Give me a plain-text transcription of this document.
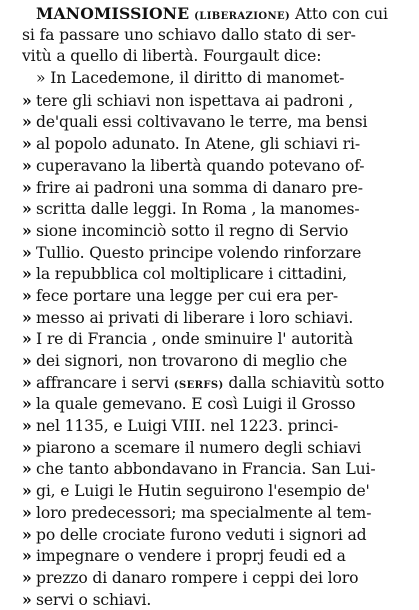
MANOMISSIONE (LIBERAZIONE) Atto con cui
si fa passare uno schiavo dallo stato di ser-
vitù a quello di libertà. Fourgault dice:
» In Lacedemone, il diritto di manomet-
» tere gli schiavi non ispettava ai padroni ,
» de'quali essi coltivavano le terre, ma bensi
» al popolo adunato. In Atene, gli schiavi ri-
» cuperavano la libertà quando potevano of-
» frire ai padroni una somma di danaro pre-
» scritta dalle leggi. In Roma , la manomes-
» sione incominciò sotto il regno di Servio
» Tullio. Questo principe volendo rinforzare
» la repubblica col moltiplicare i cittadini,
» fece portare una legge per cui era per-
» messo ai privati di liberare i loro schiavi.
» I re di Francia , onde sminuire l' autorità
» dei signori, non trovarono di meglio che
» affrancare i servi (SERFS) dalla schiavitù sotto
» la quale gemevano. E così Luigi il Grosso
» nel 1135, e Luigi VIII. nel 1223. princi-
» piarono a scemare il numero degli schiavi
» che tanto abbondavano in Francia. San Lui-
» gi, e Luigi le Hutin seguirono l'esempio de'
» loro predecessori; ma specialmente al tem-
» po delle crociate furono veduti i signori ad
» impegnare o vendere i proprj feudi ed a
» prezzo di danaro rompere i ceppi dei loro
» servi o schiavi.
